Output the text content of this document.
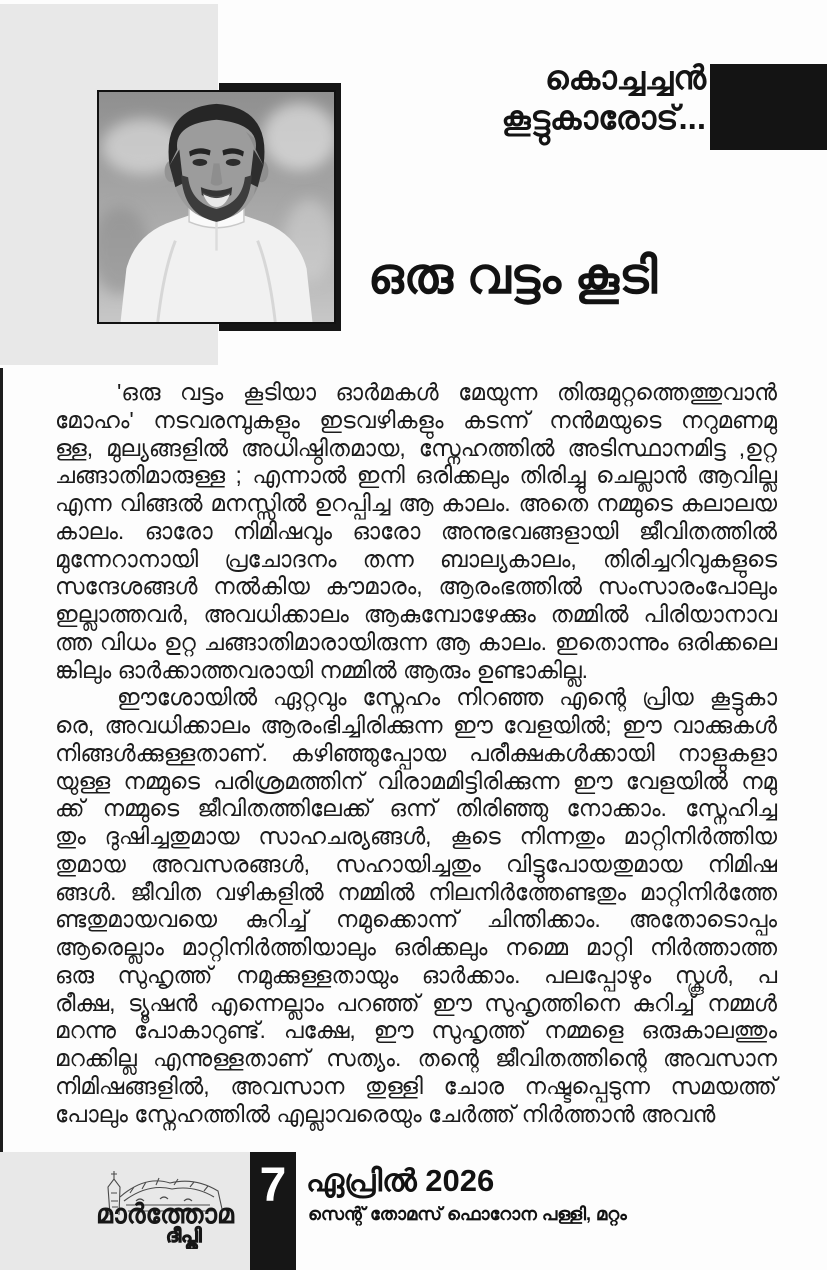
കൊച്ചച്ചൻ
കൂട്ടുകാരോട്...
ഒരു വട്ടം കൂടി
'ഒരു വട്ടം കൂടിയാ ഓർമകൾ മേയുന്ന തിരുമുറ്റത്തെത്തുവാൻ
മോഹം' നടവരമ്പുകളും ഇടവഴികളും കടന്ന് നൻമയുടെ നറുമണമു
ള്ള, മുല്യങ്ങളിൽ അധിഷ്ഠിതമായ, സ്നേഹത്തിൽ അടിസ്ഥാനമിട്ട ,ഉറ്റ
ചങ്ങാതിമാരുള്ള ; എന്നാൽ ഇനി ഒരിക്കലും തിരിച്ചു ചെല്ലാൻ ആവില്ല
എന്ന വിങ്ങൽ മനസ്സിൽ ഉറപ്പിച്ച ആ കാലം. അതെ നമ്മുടെ കലാലയ
കാലം. ഓരോ നിമിഷവും ഓരോ അനുഭവങ്ങളായി ജീവിതത്തിൽ
മുന്നേറാനായി പ്രചോദനം തന്ന ബാല്യകാലം, തിരിച്ചറിവുകളുടെ
സന്ദേശങ്ങൾ നൽകിയ കൗമാരം, ആരംഭത്തിൽ സംസാരംപോലും
ഇല്ലാത്തവർ, അവധിക്കാലം ആകുമ്പോഴേക്കും തമ്മിൽ പിരിയാനാവ
ത്ത വിധം ഉറ്റ ചങ്ങാതിമാരായിരുന്ന ആ കാലം. ഇതൊന്നും ഒരിക്കലെ
ങ്കിലും ഓർക്കാത്തവരായി നമ്മിൽ ആരും ഉണ്ടാകില്ല.
ഈശോയിൽ ഏറ്റവും സ്നേഹം നിറഞ്ഞ എന്റെ പ്രിയ കൂട്ടുകാ
രെ, അവധിക്കാലം ആരംഭിച്ചിരിക്കുന്ന ഈ വേളയിൽ; ഈ വാക്കുകൾ
നിങ്ങൾക്കുള്ളതാണ്. കഴിഞ്ഞുപ്പോയ പരീക്ഷകൾക്കായി നാളുകളാ
യുള്ള നമ്മുടെ പരിശ്രമത്തിന് വിരാമമിട്ടിരിക്കുന്ന ഈ വേളയിൽ നമു
ക്ക് നമ്മുടെ ജീവിതത്തിലേക്ക് ഒന്ന് തിരിഞ്ഞു നോക്കാം. സ്നേഹിച്ച
തും ദുഷിച്ചതുമായ സാഹചര്യങ്ങൾ, കൂടെ നിന്നതും മാറ്റിനിർത്തിയ
തുമായ അവസരങ്ങൾ, സഹായിച്ചതും വിട്ടുപോയതുമായ നിമിഷ
ങ്ങൾ. ജീവിത വഴികളിൽ നമ്മിൽ നിലനിർത്തേണ്ടതും മാറ്റിനിർത്തേ
ണ്ടതുമായവയെ കുറിച്ച് നമുക്കൊന്ന് ചിന്തിക്കാം. അതോടൊപ്പം
ആരെല്ലാം മാറ്റിനിർത്തിയാലും ഒരിക്കലും നമ്മെ മാറ്റി നിർത്താത്ത
ഒരു സുഹൃത്ത് നമുക്കുള്ളതായും ഓർക്കാം. പലപ്പോഴും സ്കൂൾ, പ
രീക്ഷ, ട്യൂഷൻ എന്നെല്ലാം പറഞ്ഞ് ഈ സുഹൃത്തിനെ കുറിച്ച് നമ്മൾ
മറന്നു പോകാറുണ്ട്. പക്ഷേ, ഈ സുഹൃത്ത് നമ്മളെ ഒരുകാലത്തും
മറക്കില്ല എന്നുള്ളതാണ് സത്യം. തന്റെ ജീവിതത്തിന്റെ അവസാന
നിമിഷങ്ങളിൽ, അവസാന തുള്ളി ചോര നഷ്ടപ്പെടുന്ന സമയത്ത്
പോലും സ്നേഹത്തിൽ എല്ലാവരെയും ചേർത്ത് നിർത്താൻ അവൻ
7 ഏപ്രിൽ 2026
സെന്റ് തോമസ് ഫൊറോന പള്ളി, മറ്റം
മാർത്തോമ
ദീപ്തി
